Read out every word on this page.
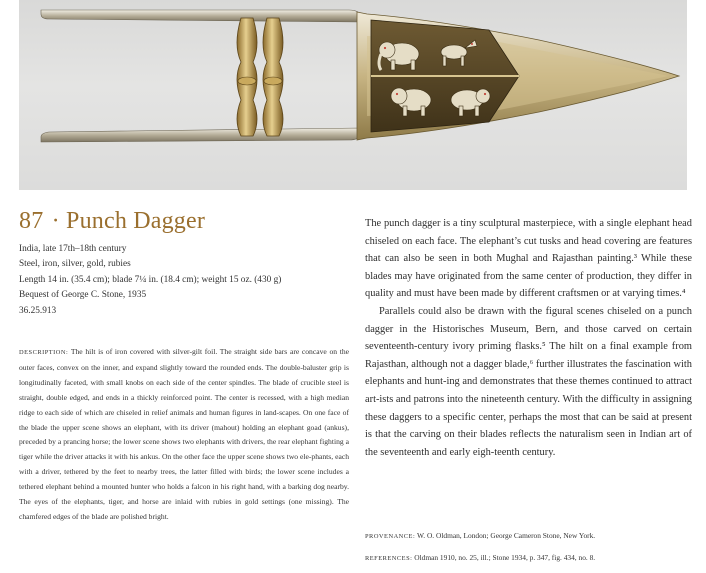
87 · Punch Dagger
India, late 17th–18th century
Steel, iron, silver, gold, rubies
Length 14 in. (35.4 cm); blade 7¼ in. (18.4 cm); weight 15 oz. (430 g)
Bequest of George C. Stone, 1935
36.25.913
DESCRIPTION: The hilt is of iron covered with silver-gilt foil. The straight side bars are concave on the outer faces, convex on the inner, and expand slightly toward the rounded ends. The double-baluster grip is longitudinally faceted, with small knobs on each side of the center spindles. The blade of crucible steel is straight, double edged, and ends in a thickly reinforced point. The center is recessed, with a high median ridge to each side of which are chiseled in relief animals and human figures in land-scapes. On one face of the blade the upper scene shows an elephant, with its driver (mahout) holding an elephant goad (ankus), preceded by a prancing horse; the lower scene shows two elephants with drivers, the rear elephant fighting a tiger while the driver attacks it with his ankus. On the other face the upper scene shows two ele-phants, each with a driver, tethered by the feet to nearby trees, the latter filled with birds; the lower scene includes a tethered elephant behind a mounted hunter who holds a falcon in his right hand, with a barking dog nearby. The eyes of the elephants, tiger, and horse are inlaid with rubies in gold settings (one missing). The chamfered edges of the blade are polished bright.

The punch dagger is a tiny sculptural masterpiece, with a single elephant head chiseled on each face. The elephant’s cut tusks and head covering are features that can also be seen in both Mughal and Rajasthan painting.³ While these blades may have originated from the same center of production, they differ in quality and must have been made by different craftsmen or at varying times.⁴

Parallels could also be drawn with the figural scenes chiseled on a punch dagger in the Historisches Museum, Bern, and those carved on certain seventeenth-century ivory priming flasks.⁵ The hilt on a final example from Rajasthan, although not a dagger blade,⁶ further illustrates the fascination with elephants and hunt-ing and demonstrates that these themes continued to attract art-ists and patrons into the nineteenth century. With the difficulty in assigning these daggers to a specific center, perhaps the most that can be said at present is that the carving on their blades reflects the naturalism seen in Indian art of the seventeenth and early eigh-teenth century.

PROVENANCE: W. O. Oldman, London; George Cameron Stone, New York.
REFERENCES: Oldman 1910, no. 25, ill.; Stone 1934, p. 347, fig. 434, no. 8.
